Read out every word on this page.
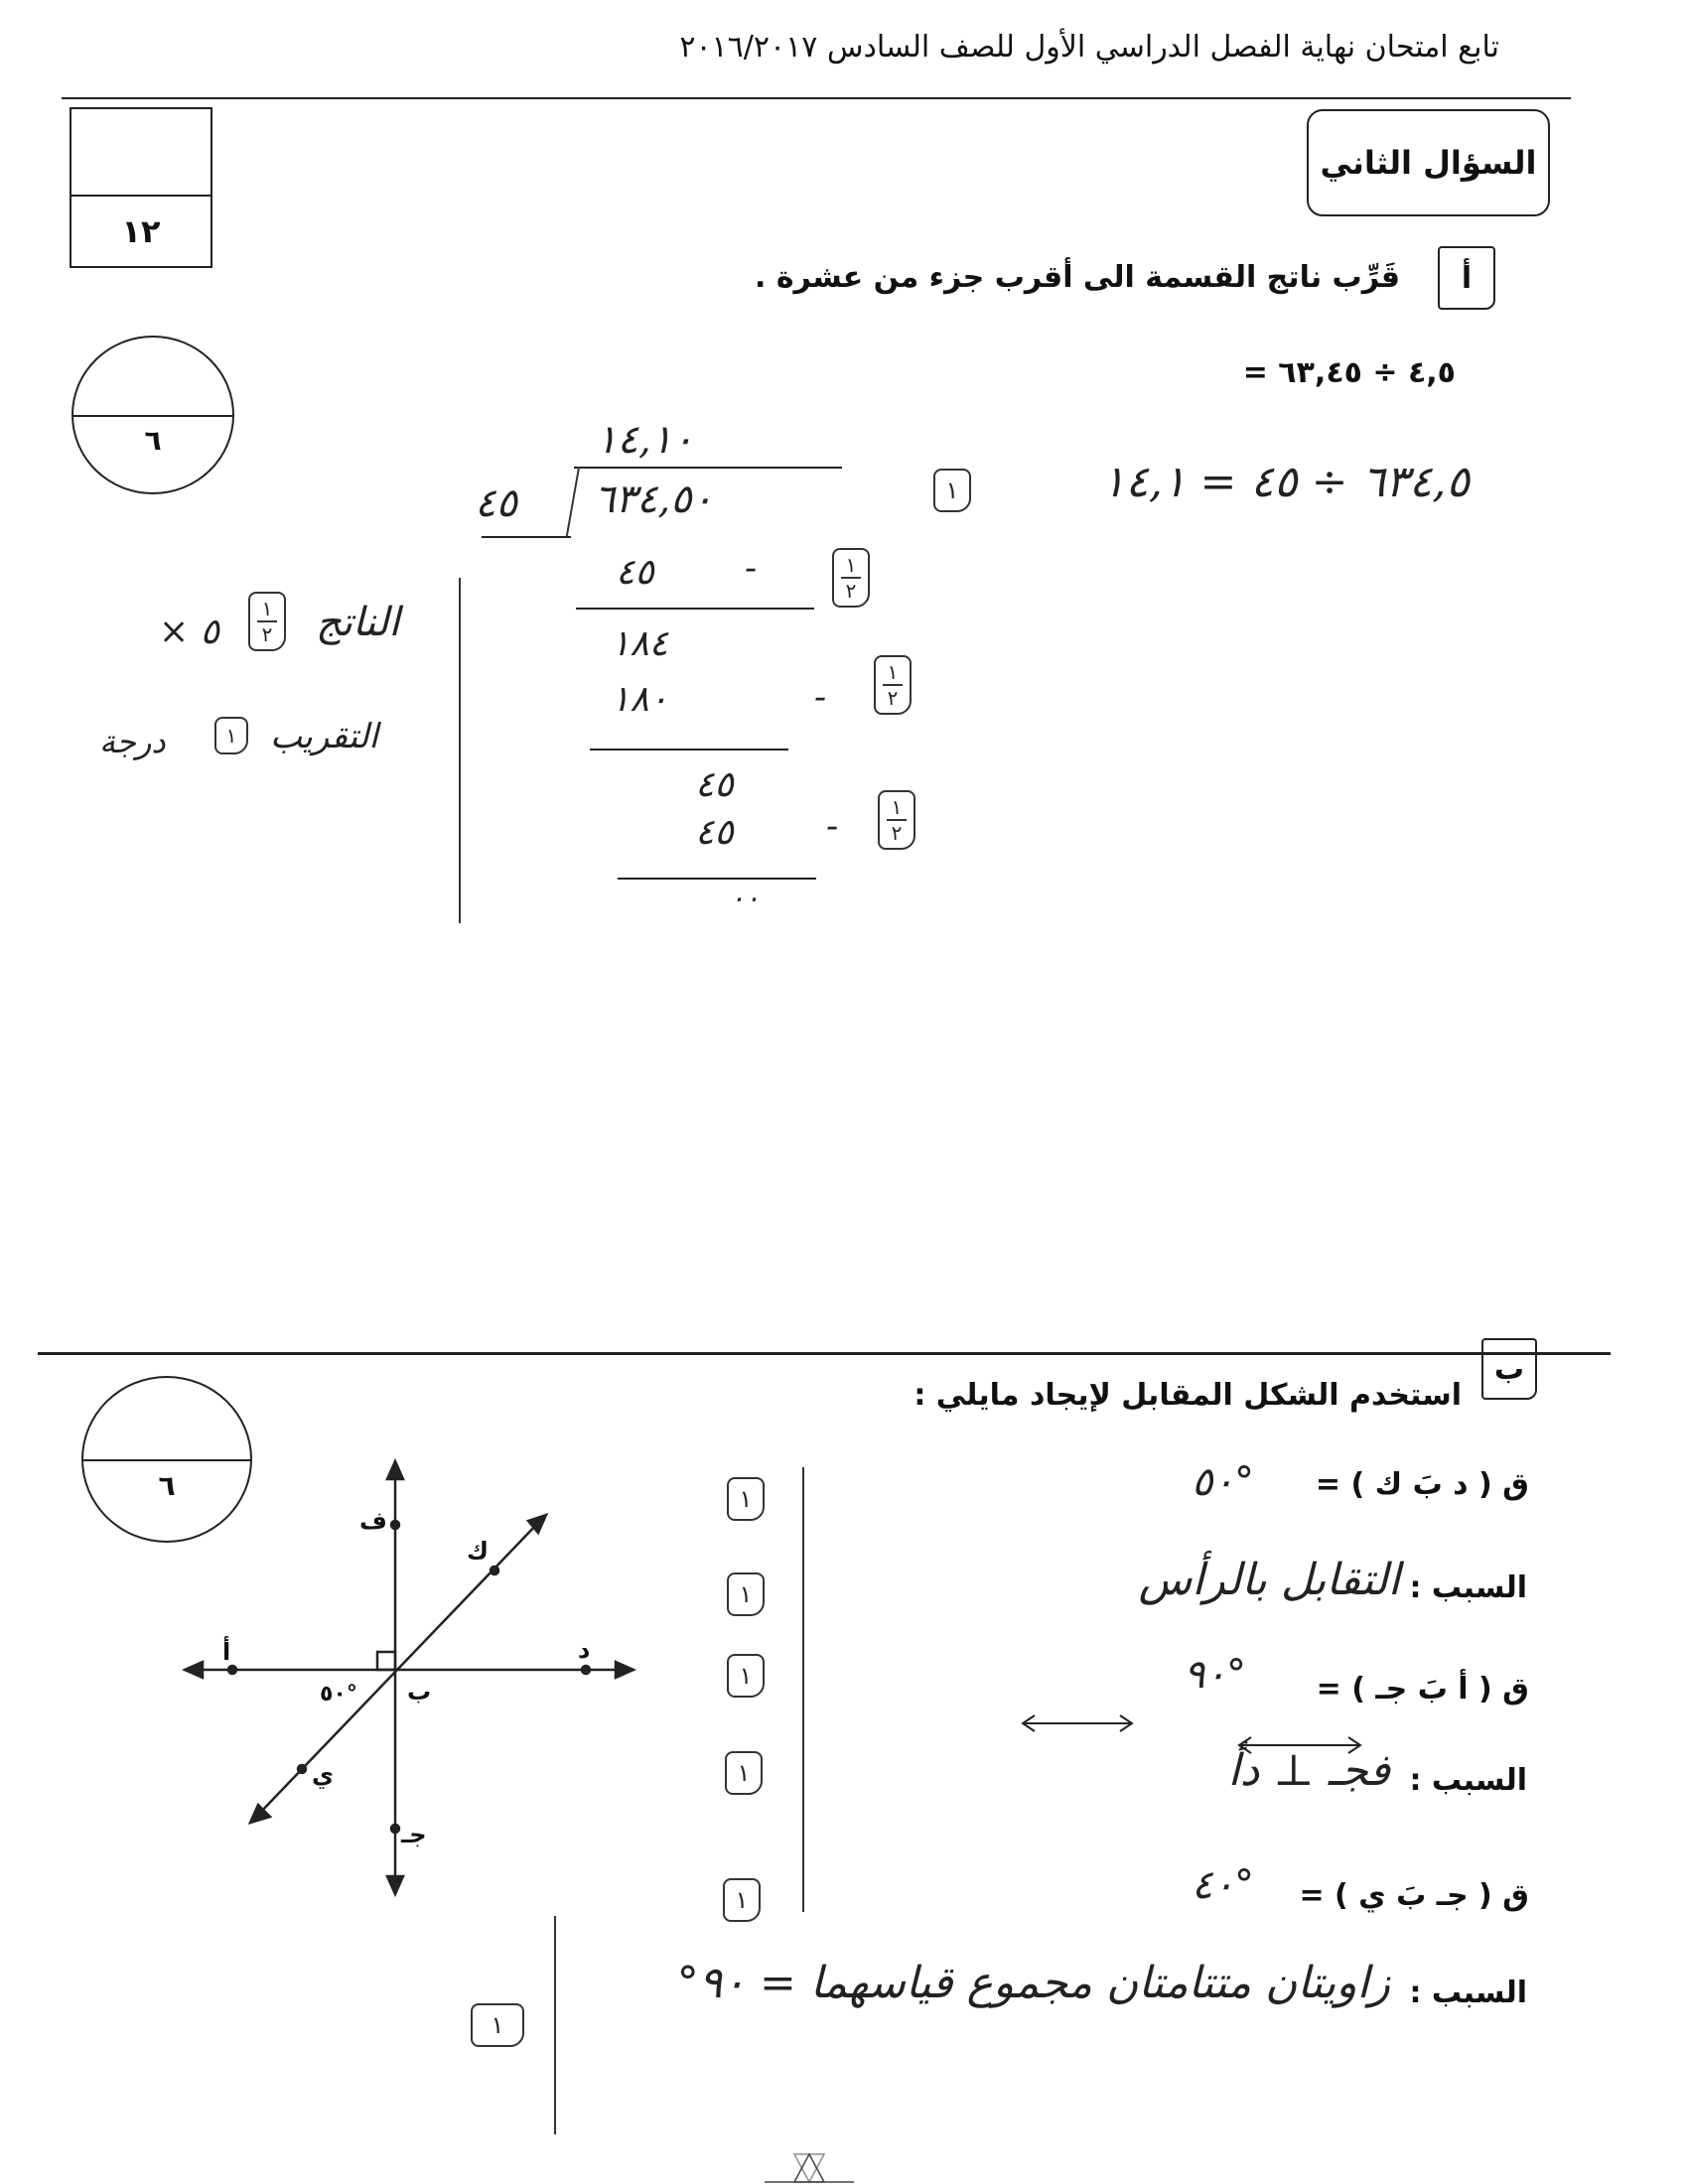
تابع امتحان نهاية الفصل الدراسي الأول للصف السادس ٢٠١٦/٢٠١٧
١٢
السؤال الثاني
أ
قَرِّب ناتج القسمة الى أقرب جزء من عشرة .
= ٤,٥ ÷ ٦٣,٤٥
٦
٦٣٤,٥ ÷ ٤٥ = ١٤,١
١
١٤,١٠
٤٥ ٦٣٤,٥٠
٤٥	-	١
٢
١٨٤
١٨٠	-
١
٢
٤٥
٤٥	-	١
٢
٠٠
الناتج
١
٢
× ٥
التقريب
١
درجة
ب
استخدم الشكل المقابل لإيجاد مايلي :
٦	ق ( د بَ ك ) =
٥٠°
١
السبب :
التقابل بالرأس
١
ق ( أ بَ جـ ) =
٩٠°
١
السبب :
فجـ ⊥ دأ
١
ق ( جـ بَ ي ) =
٤٠°
١
السبب :
زاويتان متتامتان مجموع قياسهما = ٩٠°
١
ف
ك
أ	د
ب
٥٠°
ي
جـ
